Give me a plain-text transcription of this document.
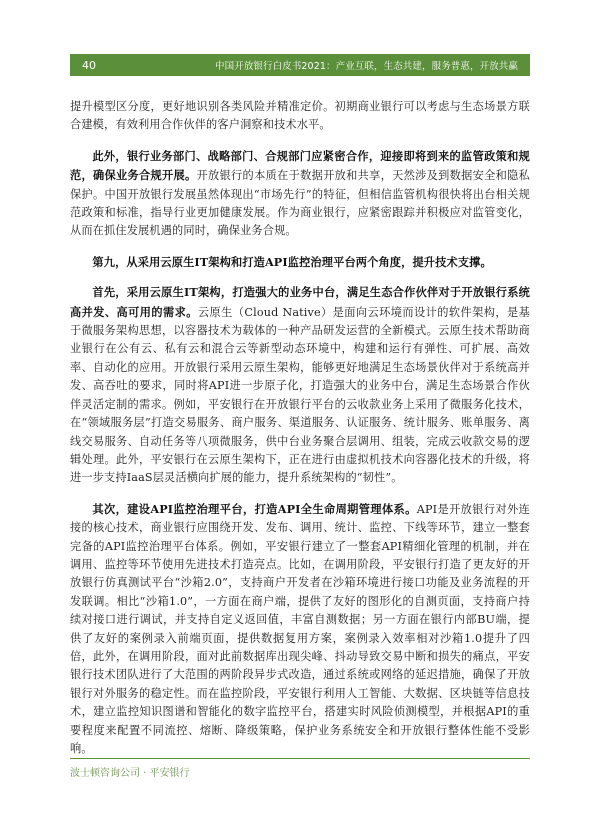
40	中国开放银行白皮书2021：产业互联，生态共建，服务普惠，开放共赢

提升模型区分度，更好地识别各类风险并精准定价。初期商业银行可以考虑与生态场景方联合建模，有效利用合作伙伴的客户洞察和技术水平。

此外，银行业务部门、战略部门、合规部门应紧密合作，迎接即将到来的监管政策和规范，确保业务合规开展。开放银行的本质在于数据开放和共享，天然涉及到数据安全和隐私保护。中国开放银行发展虽然体现出“市场先行”的特征，但相信监管机构很快将出台相关规范政策和标准，指导行业更加健康发展。作为商业银行，应紧密跟踪并积极应对监管变化，从而在抓住发展机遇的同时，确保业务合规。

第九，从采用云原生IT架构和打造API监控治理平台两个角度，提升技术支撑。

首先，采用云原生IT架构，打造强大的业务中台，满足生态合作伙伴对于开放银行系统高并发、高可用的需求。云原生（Cloud Native）是面向云环境而设计的软件架构，是基于微服务架构思想，以容器技术为载体的一种产品研发运营的全新模式。云原生技术帮助商业银行在公有云、私有云和混合云等新型动态环境中，构建和运行有弹性、可扩展、高效率、自动化的应用。开放银行采用云原生架构，能够更好地满足生态场景伙伴对于系统高并发、高吞吐的要求，同时将API进一步原子化，打造强大的业务中台，满足生态场景合作伙伴灵活定制的需求。例如，平安银行在开放银行平台的云收款业务上采用了微服务化技术，在“领域服务层”打造交易服务、商户服务、渠道服务、认证服务、统计服务、账单服务、离线交易服务、自动任务等八项微服务，供中台业务聚合层调用、组装，完成云收款交易的逻辑处理。此外，平安银行在云原生架构下，正在进行由虚拟机技术向容器化技术的升级，将进一步支持IaaS层灵活横向扩展的能力，提升系统架构的“韧性”。

其次，建设API监控治理平台，打造API全生命周期管理体系。API是开放银行对外连接的核心技术，商业银行应围绕开发、发布、调用、统计、监控、下线等环节，建立一整套完备的API监控治理平台体系。例如，平安银行建立了一整套API精细化管理的机制，并在调用、监控等环节使用先进技术打造亮点。比如，在调用阶段，平安银行打造了更友好的开放银行仿真测试平台“沙箱2.0”，支持商户开发者在沙箱环境进行接口功能及业务流程的开发联调。相比“沙箱1.0”，一方面在商户端，提供了友好的图形化的自测页面，支持商户持续对接口进行调试，并支持自定义返回值，丰富自测数据；另一方面在银行内部BU端，提供了友好的案例录入前端页面，提供数据复用方案，案例录入效率相对沙箱1.0提升了四倍，此外，在调用阶段，面对此前数据库出现尖峰、抖动导致交易中断和损失的痛点，平安银行技术团队进行了大范围的两阶段异步式改造，通过系统或网络的延迟措施，确保了开放银行对外服务的稳定性。而在监控阶段，平安银行利用人工智能、大数据、区块链等信息技术，建立监控知识图谱和智能化的数字监控平台，搭建实时风险侦测模型，并根据API的重要程度来配置不同流控、熔断、降级策略，保护业务系统安全和开放银行整体性能不受影响。

波士顿咨询公司 · 平安银行
